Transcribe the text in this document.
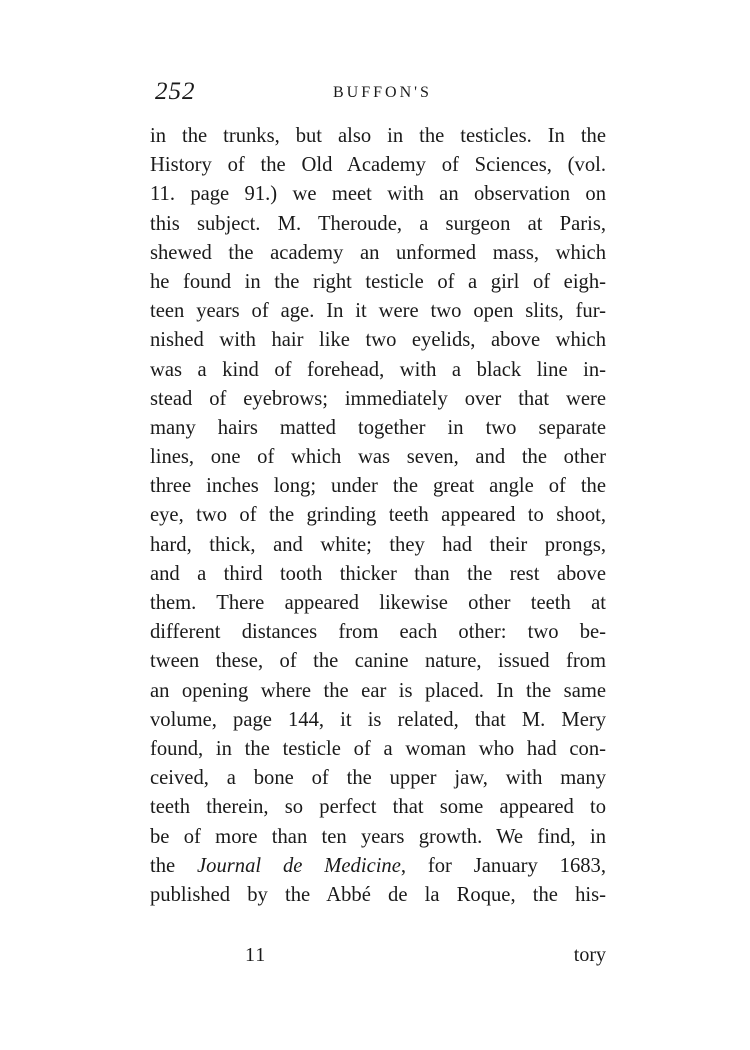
252	BUFFON'S
in the trunks, but also in the testicles. In the
History of the Old Academy of Sciences, (vol.
11. page 91.) we meet with an observation on
this subject. M. Theroude, a surgeon at Paris,
shewed the academy an unformed mass, which
he found in the right testicle of a girl of eigh-
teen years of age. In it were two open slits, fur-
nished with hair like two eyelids, above which
was a kind of forehead, with a black line in-
stead of eyebrows; immediately over that were
many hairs matted together in two separate
lines, one of which was seven, and the other
three inches long; under the great angle of the
eye, two of the grinding teeth appeared to shoot,
hard, thick, and white; they had their prongs,
and a third tooth thicker than the rest above
them. There appeared likewise other teeth at
different distances from each other: two be-
tween these, of the canine nature, issued from
an opening where the ear is placed. In the same
volume, page 144, it is related, that M. Mery
found, in the testicle of a woman who had con-
ceived, a bone of the upper jaw, with many
teeth therein, so perfect that some appeared to
be of more than ten years growth. We find, in
the Journal de Medicine, for January 1683,
published by the Abbé de la Roque, the his-
11	tory
